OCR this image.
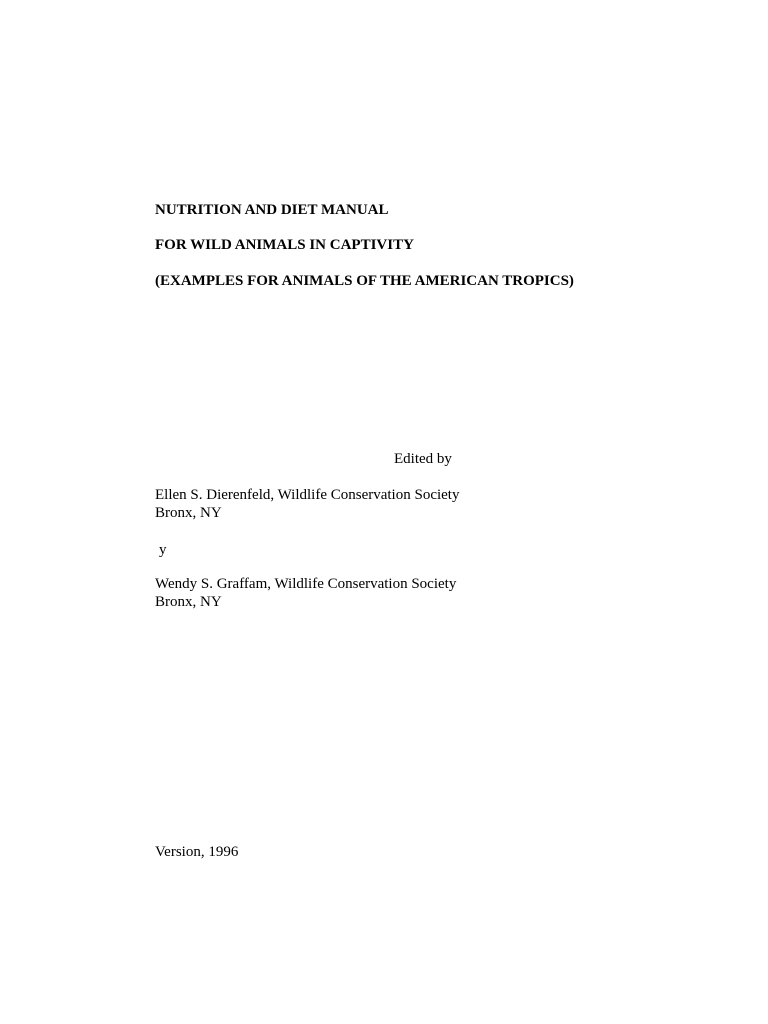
NUTRITION AND DIET MANUAL
FOR WILD ANIMALS IN CAPTIVITY
(EXAMPLES FOR ANIMALS OF THE AMERICAN TROPICS)
Edited by
Ellen S. Dierenfeld, Wildlife Conservation Society
Bronx, NY
y
Wendy S. Graffam, Wildlife Conservation Society
Bronx, NY
Version, 1996
